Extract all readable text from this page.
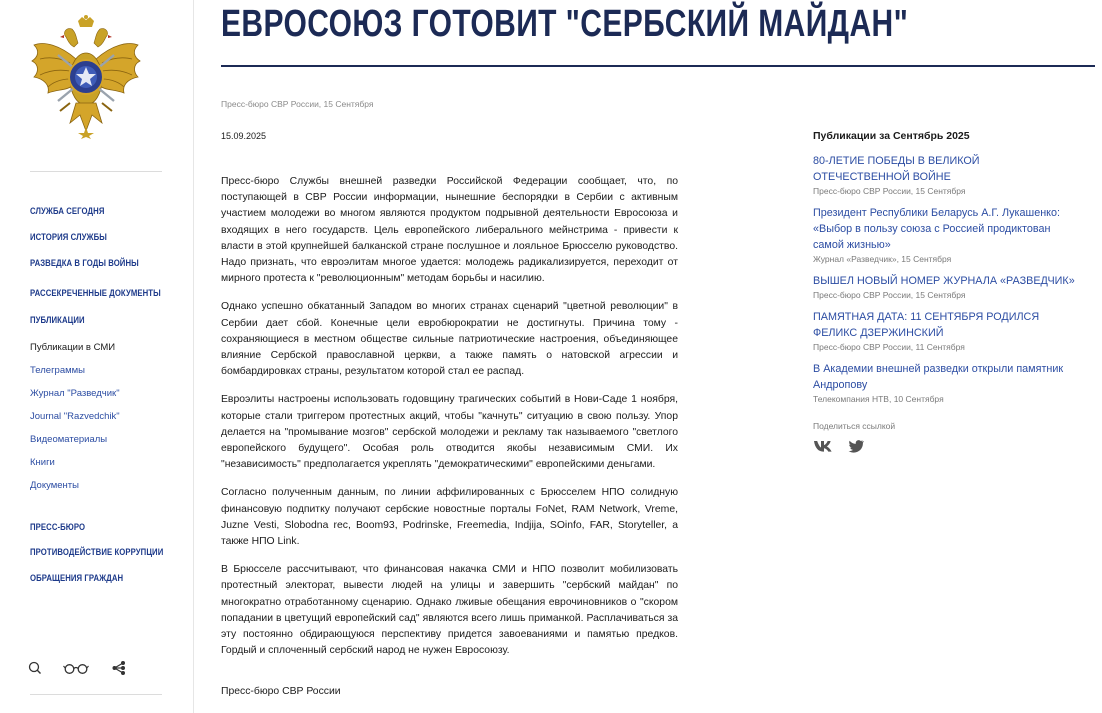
СЛУЖБА СЕГОДНЯ
ИСТОРИЯ СЛУЖБЫ
РАЗВЕДКА В ГОДЫ ВОЙНЫ
РАССЕКРЕЧЕННЫЕ ДОКУМЕНТЫ
ПУБЛИКАЦИИ
Публикации в СМИ
Телеграммы
Журнал "Разведчик"
Journal "Razvedchik"
Видеоматериалы
Книги
Документы
ПРЕСС-БЮРО
ПРОТИВОДЕЙСТВИЕ КОРРУПЦИИ
ОБРАЩЕНИЯ ГРАЖДАН
ЕВРОСОЮЗ ГОТОВИТ "СЕРБСКИЙ МАЙДАН"
Пресс-бюро СВР России, 15 Сентября
15.09.2025

Пресс-бюро Службы внешней разведки Российской Федерации сообщает, что, по поступающей в СВР России информации, нынешние беспорядки в Сербии с активным участием молодежи во многом являются продуктом подрывной деятельности Евросоюза и входящих в него государств. Цель европейского либерального мейнстрима - привести к власти в этой крупнейшей балканской стране послушное и лояльное Брюсселю руководство. Надо признать, что евроэлитам многое удается: молодежь радикализируется, переходит от мирного протеста к "революционным" методам борьбы и насилию.

Однако успешно обкатанный Западом во многих странах сценарий "цветной революции" в Сербии дает сбой. Конечные цели евробюрократии не достигнуты. Причина тому - сохраняющиеся в местном обществе сильные патриотические настроения, объединяющее влияние Сербской православной церкви, а также память о натовской агрессии и бомбардировках страны, результатом которой стал ее распад.

Евроэлиты настроены использовать годовщину трагических событий в Нови-Саде 1 ноября, которые стали триггером протестных акций, чтобы "качнуть" ситуацию в свою пользу. Упор делается на "промывание мозгов" сербской молодежи и рекламу так называемого "светлого европейского будущего". Особая роль отводится якобы независимым СМИ. Их "независимость" предполагается укреплять "демократическими" европейскими деньгами.

Согласно полученным данным, по линии аффилированных с Брюсселем НПО солидную финансовую подпитку получают сербские новостные порталы FoNet, RAM Network, Vreme, Juzne Vesti, Slobodna rec, Boom93, Podrinske, Freemedia, Indjija, SOinfo, FAR, Storyteller, а также НПО Link.

В Брюсселе рассчитывают, что финансовая накачка СМИ и НПО позволит мобилизовать протестный электорат, вывести людей на улицы и завершить "сербский майдан" по многократно отработанному сценарию. Однако лживые обещания еврочиновников о "скором попадании в цветущий европейский сад" являются всего лишь приманкой. Расплачиваться за эту постоянно обдирающуюся перспективу придется завоеваниями и памятью предков. Гордый и сплоченный сербский народ не нужен Евросоюзу.

Пресс-бюро СВР России
Публикации за Сентябрь 2025
80-ЛЕТИЕ ПОБЕДЫ В ВЕЛИКОЙ ОТЕЧЕСТВЕННОЙ ВОЙНЕ
Пресс-бюро СВР России, 15 Сентября
Президент Республики Беларусь А.Г. Лукашенко: «Выбор в пользу союза с Россией продиктован самой жизнью»
Журнал «Разведчик», 15 Сентября
ВЫШЕЛ НОВЫЙ НОМЕР ЖУРНАЛА «РАЗВЕДЧИК»
Пресс-бюро СВР России, 15 Сентября
ПАМЯТНАЯ ДАТА: 11 СЕНТЯБРЯ РОДИЛСЯ ФЕЛИКС ДЗЕРЖИНСКИЙ
Пресс-бюро СВР России, 11 Сентября
В Академии внешней разведки открыли памятник Андропову
Телекомпания НТВ, 10 Сентября
Поделиться ссылкой
